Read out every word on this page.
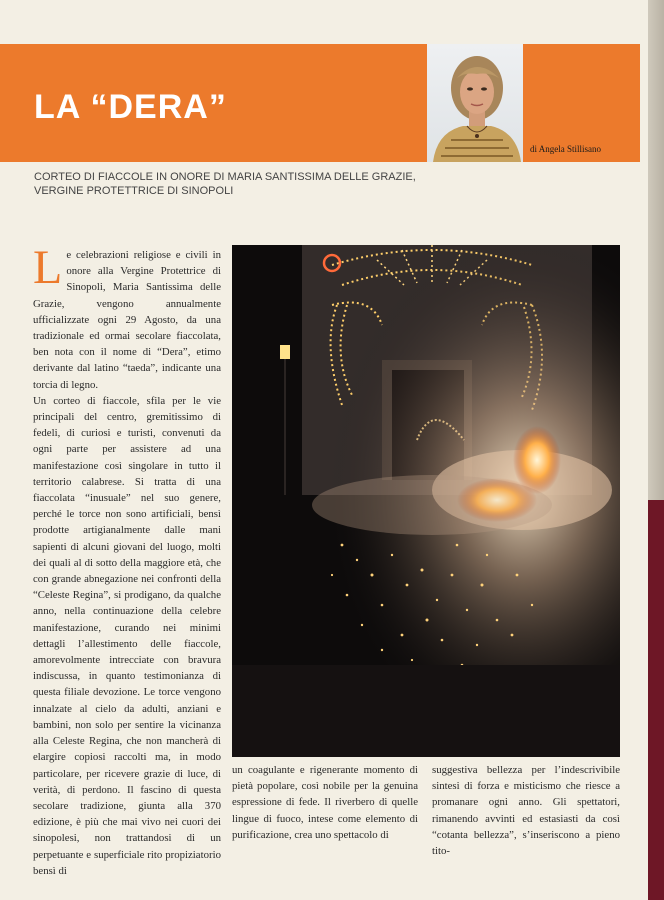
LA “DERA”
di Angela Stillisano
CORTEO DI FIACCOLE IN ONORE DI MARIA SANTISSIMA DELLE GRAZIE,
VERGINE PROTETTRICE DI SINOPOLI

Le celebrazioni religiose e civili in onore alla Vergine Protettrice di Sinopoli, Maria Santissima delle Grazie, vengono annualmente ufficializzate ogni 29 Agosto, da una tradizionale ed ormai secolare fiaccolata, ben nota con il nome di “Dera”, etimo derivante dal latino “taeda”, indicante una torcia di legno.

Un corteo di fiaccole, sfila per le vie principali del centro, gremitissimo di fedeli, di curiosi e turisti, convenuti da ogni parte per assistere ad una manifestazione così singolare in tutto il territorio calabrese. Si tratta di una fiaccolata “inusuale” nel suo genere, perché le torce non sono artificiali, bensì prodotte artigianalmente dalle mani sapienti di alcuni giovani del luogo, molti dei quali al di sotto della maggiore età, che con grande abnegazione nei confronti della “Celeste Regina”, si prodigano, da qualche anno, nella continuazione della celebre manifestazione, curando nei minimi dettagli l’allestimento delle fiaccole, amorevolmente intrecciate con bravura indiscussa, in quanto testimonianza di questa filiale devozione. Le torce vengono innalzate al cielo da adulti, anziani e bambini, non solo per sentire la vicinanza alla Celeste Regina, che non mancherà di elargire copiosi raccolti ma, in modo particolare, per ricevere grazie di luce, di verità, di perdono. Il fascino di questa secolare tradizione, giunta alla 370 edizione, è più che mai vivo nei cuori dei sinopolesi, non trattandosi di un perpetuante e superficiale rito propiziatorio bensì di

un coagulante e rigenerante momento di pietà popolare, così nobile per la genuina espressione di fede. Il riverbero di quelle lingue di fuoco, intese come elemento di purificazione, crea uno spettacolo di

suggestiva bellezza per l’indescrivibile sintesi di forza e misticismo che riesce a promanare ogni anno. Gli spettatori, rimanendo avvinti ed estasiasti da così “cotanta bellezza”, s’inseriscono a pieno tito-
